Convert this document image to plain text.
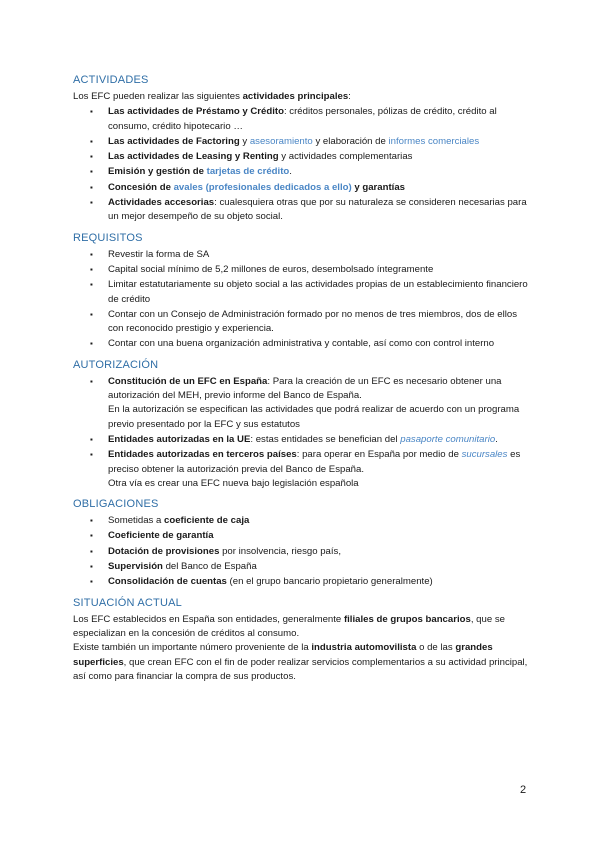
ACTIVIDADES

Los EFC pueden realizar las siguientes actividades principales:

▪ Las actividades de Préstamo y Crédito: créditos personales, pólizas de crédito, crédito al consumo, crédito hipotecario …
▪ Las actividades de Factoring y asesoramiento y elaboración de informes comerciales
▪ Las actividades de Leasing y Renting y actividades complementarias
▪ Emisión y gestión de tarjetas de crédito.
▪ Concesión de avales (profesionales dedicados a ello) y garantías
▪ Actividades accesorias: cualesquiera otras que por su naturaleza se consideren necesarias para un mejor desempeño de su objeto social.
REQUISITOS
▪ Revestir la forma de SA
▪ Capital social mínimo de 5,2 millones de euros, desembolsado íntegramente
▪ Limitar estatutariamente su objeto social a las actividades propias de un establecimiento financiero de crédito
▪ Contar con un Consejo de Administración formado por no menos de tres miembros, dos de ellos con reconocido prestigio y experiencia.
▪ Contar con una buena organización administrativa y contable, así como con control interno
AUTORIZACIÓN
▪ Constitución de un EFC en España: Para la creación de un EFC es necesario obtener una autorización del MEH, previo informe del Banco de España.
En la autorización se especifican las actividades que podrá realizar de acuerdo con un programa previo presentado por la EFC y sus estatutos
▪ Entidades autorizadas en la UE: estas entidades se benefician del pasaporte comunitario.
▪ Entidades autorizadas en terceros países: para operar en España por medio de sucursales es preciso obtener la autorización previa del Banco de España.
Otra vía es crear una EFC nueva bajo legislación española
OBLIGACIONES
▪ Sometidas a coeficiente de caja
▪ Coeficiente de garantía
▪ Dotación de provisiones por insolvencia, riesgo país,
▪ Supervisión del Banco de España
▪ Consolidación de cuentas (en el grupo bancario propietario generalmente)
SITUACIÓN ACTUAL

Los EFC establecidos en España son entidades, generalmente filiales de grupos bancarios, que se especializan en la concesión de créditos al consumo.

Existe también un importante número proveniente de la industria automovilista o de las grandes superficies, que crean EFC con el fin de poder realizar servicios complementarios a su actividad principal, así como para financiar la compra de sus productos.

2
